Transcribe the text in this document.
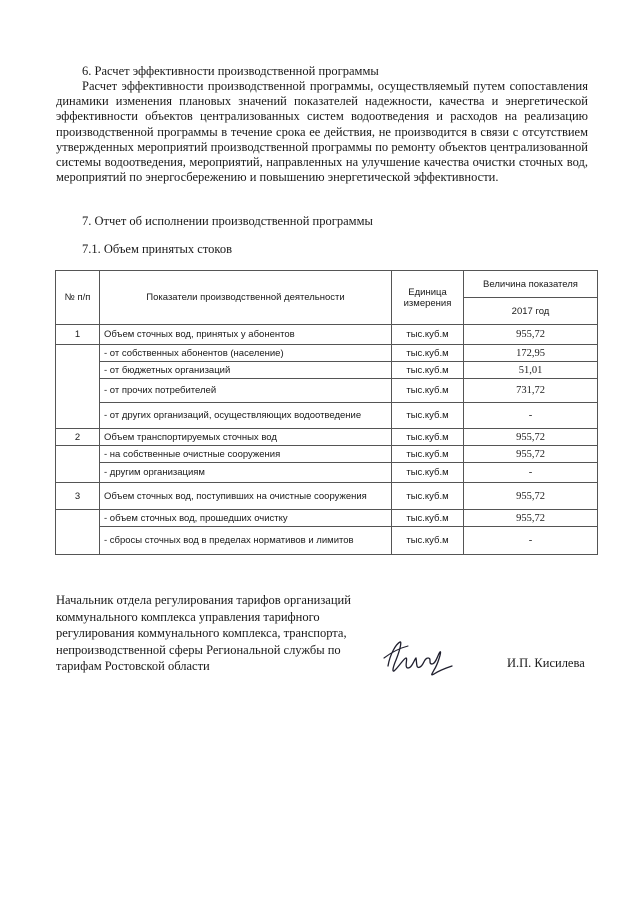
6. Расчет эффективности производственной программы
Расчет эффективности производственной программы, осуществляемый путем сопоставления динамики изменения плановых значений показателей надежности, качества и энергетической эффективности объектов централизованных систем водоотведения и расходов на реализацию производственной программы в течение срока ее действия, не производится в связи с отсутствием утвержденных мероприятий производственной программы по ремонту объектов централизованной системы водоотведения, мероприятий, направленных на улучшение качества очистки сточных вод, мероприятий по энергосбережению и повышению энергетической эффективности.
7. Отчет об исполнении производственной программы
7.1. Объем принятых стоков
№ п/п	Показатели производственной деятельности	Единица измерения	Величина показателя
			2017 год
1	Объем сточных вод, принятых у абонентов	тыс.куб.м	955,72
	- от собственных абонентов (население)	тыс.куб.м	172,95
	- от бюджетных организаций	тыс.куб.м	51,01
	- от прочих потребителей	тыс.куб.м	731,72
	- от других организаций, осуществляющих водоотведение	тыс.куб.м	-
2	Объем транспортируемых сточных вод	тыс.куб.м	955,72
	- на собственные очистные сооружения	тыс.куб.м	955,72
	- другим организациям	тыс.куб.м	-
3	Объем сточных вод, поступивших на очистные сооружения	тыс.куб.м	955,72
	- объем сточных вод, прошедших очистку	тыс.куб.м	955,72
	- сбросы сточных вод в пределах нормативов и лимитов	тыс.куб.м	-
Начальник отдела регулирования тарифов организаций коммунального комплекса управления тарифного регулирования коммунального комплекса, транспорта, непроизводственной сферы Региональной службы по тарифам Ростовской области	И.П. Кисилева
